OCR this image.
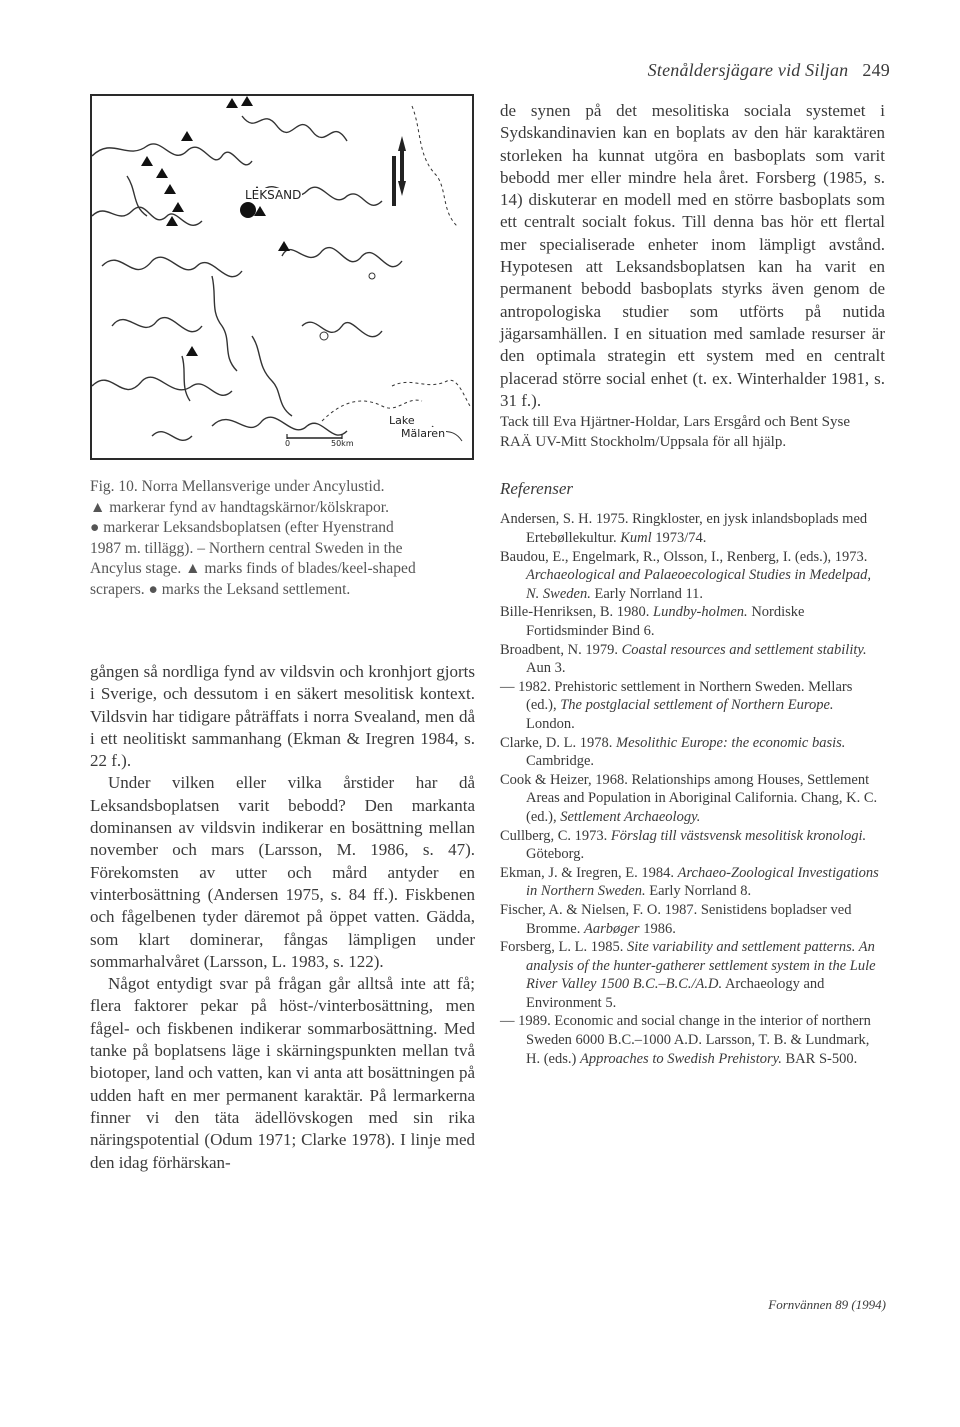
Stenåldersjägare vid Siljan 249
LEKSAND
Lake
Mälaren
0	50km

Fig. 10. Norra Mellansverige under Ancylustid.

▲ markerar fynd av handtagskärnor/kölskrapor.

● markerar Leksandsboplatsen (efter Hyenstrand

1987 m. tillägg). – Northern central Sweden in the

Ancylus stage. ▲ marks finds of blades/keel-shaped

scrapers. ● marks the Leksand settlement.

gången så nordliga fynd av vildsvin och kronhjort gjorts i Sverige, och dessutom i en säkert mesolitisk kontext. Vildsvin har tidigare påträffats i norra Svealand, men då i ett neolitiskt sammanhang (Ekman & Iregren 1984, s. 22 f.).

Under vilken eller vilka årstider har då Leksandsboplatsen varit bebodd? Den markanta dominansen av vildsvin indikerar en bosättning mellan november och mars (Larsson, M. 1986, s. 47). Förekomsten av utter och mård antyder en vinterbosättning (Andersen 1975, s. 84 ff.). Fiskbenen och fågelbenen tyder däremot på öppet vatten. Gädda, som klart dominerar, fångas lämpligen under sommarhalvåret (Larsson, L. 1983, s. 122).

Något entydigt svar på frågan går alltså inte att få; flera faktorer pekar på höst-/vinterbosättning, men fågel- och fiskbenen indikerar sommarbosättning. Med tanke på boplatsens läge i skärningspunkten mellan två biotoper, land och vatten, kan vi anta att bosättningen på udden haft en mer permanent karaktär. På lermarkerna finner vi den täta ädellövskogen med sin rika näringspotential (Odum 1971; Clarke 1978). I linje med den idag förhärskan-

de synen på det mesolitiska sociala systemet i Sydskandinavien kan en boplats av den här karaktären storleken ha kunnat utgöra en basboplats som varit bebodd mer eller mindre hela året. Forsberg (1985, s. 14) diskuterar en modell med en större basboplats som ett centralt socialt fokus. Till denna bas hör ett flertal mer specialiserade enheter inom lämpligt avstånd. Hypotesen att Leksandsboplatsen kan ha varit en permanent bebodd basboplats styrks även genom de antropologiska studier som utförts på nutida jägarsamhällen. I en situation med samlade resurser är den optimala strategin ett system med en centralt placerad större social enhet (t. ex. Winterhalder 1981, s. 31 f.).

Tack till Eva Hjärtner-Holdar, Lars Ersgård och Bent Syse RAÄ UV-Mitt Stockholm/Uppsala för all hjälp.

Referenser

Andersen, S. H. 1975. Ringkloster, en jysk inlandsboplads med Ertebøllekultur. Kuml 1973/74.

Baudou, E., Engelmark, R., Olsson, I., Renberg, I. (eds.), 1973. Archaeological and Palaeoecological Studies in Medelpad, N. Sweden. Early Norrland 11.

Bille-Henriksen, B. 1980. Lundby-holmen. Nordiske Fortidsminder Bind 6.

Broadbent, N. 1979. Coastal resources and settlement stability. Aun 3.

— 1982. Prehistoric settlement in Northern Sweden. Mellars (ed.), The postglacial settlement of Northern Europe. London.

Clarke, D. L. 1978. Mesolithic Europe: the economic basis. Cambridge.

Cook & Heizer, 1968. Relationships among Houses, Settlement Areas and Population in Aboriginal California. Chang, K. C. (ed.), Settlement Archaeology.

Cullberg, C. 1973. Förslag till västsvensk mesolitisk kronologi. Göteborg.

Ekman, J. & Iregren, E. 1984. Archaeo-Zoological Investigations in Northern Sweden. Early Norrland 8.

Fischer, A. & Nielsen, F. O. 1987. Senistidens bopladser ved Bromme. Aarbøger 1986.

Forsberg, L. L. 1985. Site variability and settlement patterns. An analysis of the hunter-gatherer settlement system in the Lule River Valley 1500 B.C.–B.C./A.D. Archaeology and Environment 5.

— 1989. Economic and social change in the interior of northern Sweden 6000 B.C.–1000 A.D. Larsson, T. B. & Lundmark, H. (eds.) Approaches to Swedish Prehistory. BAR S-500.

Fornvännen 89 (1994)
